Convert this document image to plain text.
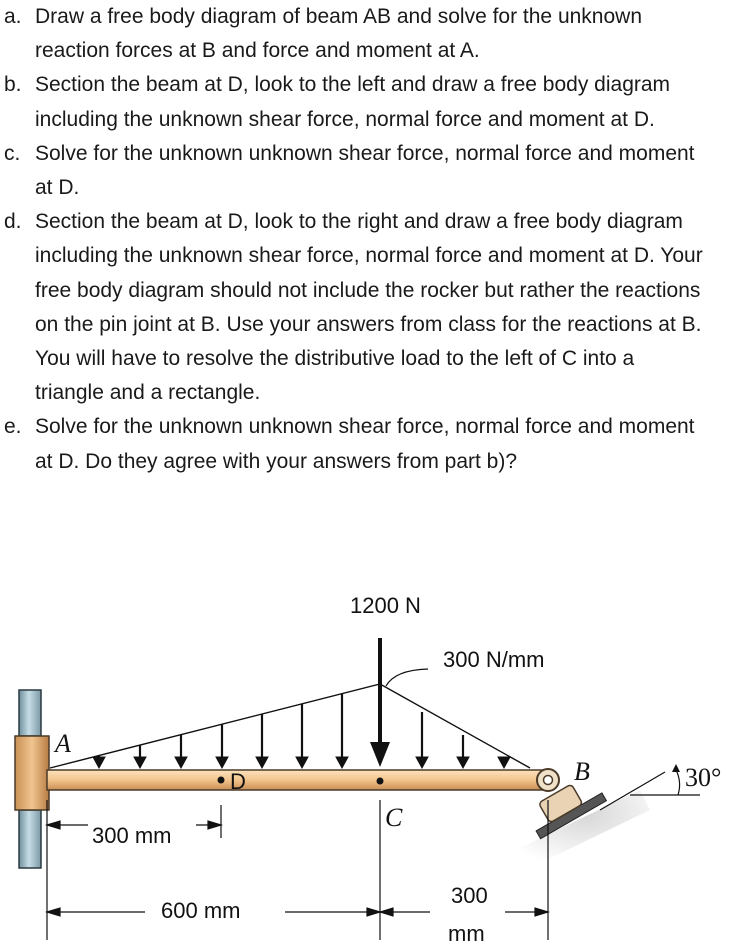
a. Draw a free body diagram of beam AB and solve for the unknown reaction forces at B and force and moment at A.
b. Section the beam at D, look to the left and draw a free body diagram including the unknown shear force, normal force and moment at D.
c. Solve for the unknown unknown shear force, normal force and moment at D.
d. Section the beam at D, look to the right and draw a free body diagram including the unknown shear force, normal force and moment at D. Your free body diagram should not include the rocker but rather the reactions on the pin joint at B. Use your answers from class for the reactions at B. You will have to resolve the distributive load to the left of C into a triangle and a rectangle.
e. Solve for the unknown unknown shear force, normal force and moment at D. Do they agree with your answers from part b)?
1200 N
300 N/mm
A
B
C
D
300 mm
600 mm
300
mm
30°
